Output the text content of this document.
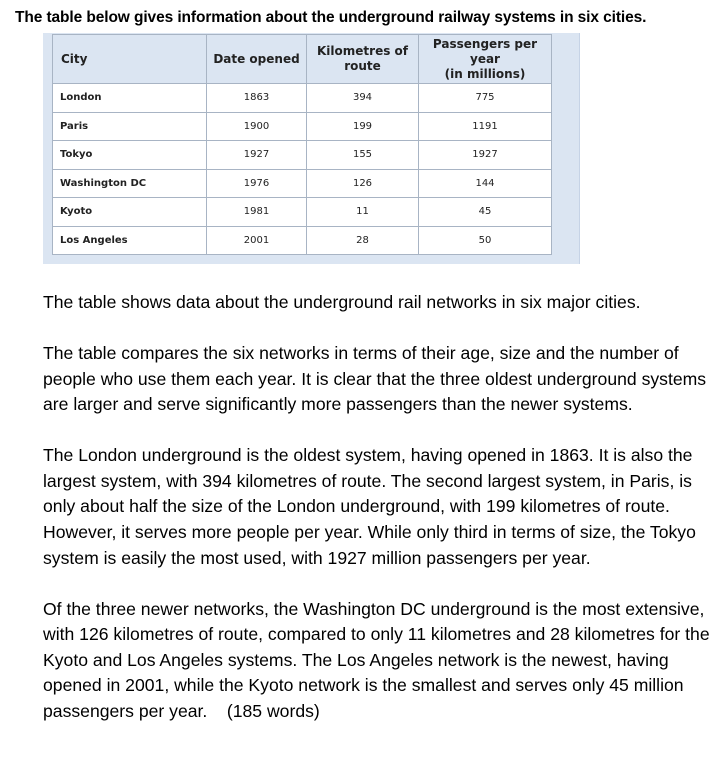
The table below gives information about the underground railway systems in six cities.
City	Date opened	Kilometres of route	Passengers per
year
(in millions)

London	1863	394	775
Paris	1900	199	1191
Tokyo	1927	155	1927
Washington DC	1976	126	144
Kyoto	1981	11	45
Los Angeles	2001	28	50

The table shows data about the underground rail networks in six major cities.

The table compares the six networks in terms of their age, size and the number of people who use them each year. It is clear that the three oldest underground systems are larger and serve significantly more passengers than the newer systems.

The London underground is the oldest system, having opened in 1863. It is also the largest system, with 394 kilometres of route. The second largest system, in Paris, is only about half the size of the London underground, with 199 kilometres of route. However, it serves more people per year. While only third in terms of size, the Tokyo system is easily the most used, with 1927 million passengers per year.

Of the three newer networks, the Washington DC underground is the most extensive, with 126 kilometres of route, compared to only 11 kilometres and 28 kilometres for the Kyoto and Los Angeles systems. The Los Angeles network is the newest, having opened in 2001, while the Kyoto network is the smallest and serves only 45 million passengers per year. (185 words)
